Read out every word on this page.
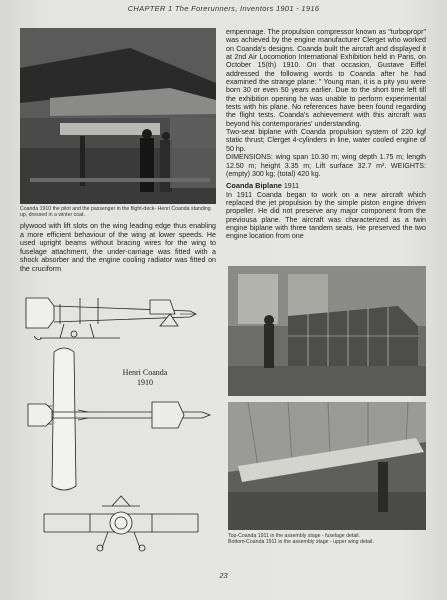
CHAPTER 1 The Forerunners, Inventors 1901 - 1916
Coanda 1910 the pilot and the passenger in the flight-deck- Henri Coanda standing up, dressed in a winter coat.

plywood with lift slots on the wing leading edge thus enabling a more efficient behaviour of the wing at lower speeds. He used upright beams without bracing wires for the wing to fuselage attachment, the under-carriage was fitted with a shock absorber and the engine cooling radiator was fitted on the cruciform

empennage. The propulsion compressor known as "turbopropr" was achieved by the engine manufacturer Clerget who worked on Coanda's designs. Coanda built the aircraft and displayed it at 2nd Air Locomotion International Exhibition held in Paris, on October 15(th) 1910. On that occasion, Gustave Eiffel addressed the following words to Coanda after he had examined the strange plane: " Young man, it is a pity you were born 30 or even 50 years earlier. Due to the short time left till the exhibition opening he was unable to perform experimental tests with his plane. No references have been found regarding the flight tests. Coanda's achievement with this aircraft was beyond his contemporaries' understanding.

Two-seat biplane with Coanda propulsion system of 220 kgf static thrust; Clerget 4-cylinders in line, water cooled engine of 50 hp.

DIMENSIONS: wing span 10.30 m; wing depth 1.75 m; length 12.50 m; height 3.35 m; Lift surface 32.7 m². WEIGHTS: (empty) 300 kg; (total) 420 kg.

Coanda Biplane 1911

In 1911 Coanda began to work on a new aircraft which replaced the jet propulsion by the simple piston engine driven propeller. He did not preserve any major component from the previousa plane. The aircraft was characterized as a twin engine biplane with three tandem seats. He preserved the two engine location from one

Henri Coanda
1910
Top-Coanda 1911 in the assembly stage - fuselage detail.
Bottom-Coanda 1911 in the assembly stage - upper wing detail.
23
